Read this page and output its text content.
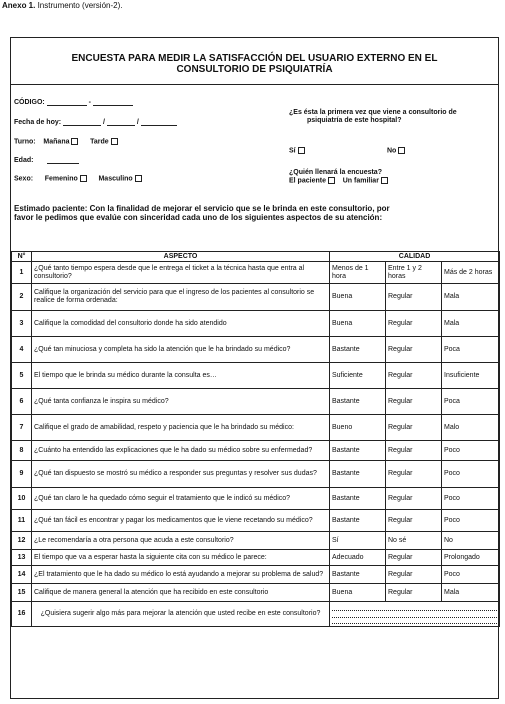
Anexo 1. Instrumento (versión-2).
ENCUESTA PARA MEDIR LA SATISFACCIÓN DEL USUARIO EXTERNO EN EL
CONSULTORIO DE PSIQUIATRÍA
CÓDIGO:	-
Fecha de hoy:	/	/
Turno: Mañana	Tarde
Edad:
Sexo: Femenino	Masculino
¿Es ésta la primera vez que viene a consultorio de
psiquiatría de este hospital?
Sí	No
¿Quién llenará la encuesta?
El paciente Un familiar
Estimado paciente: Con la finalidad de mejorar el servicio que se le brinda en este consultorio, por favor le pedimos que evalúe con sinceridad cada uno de los siguientes aspectos de su atención:
N°	ASPECTO	CALIDAD		
1	¿Qué tanto tiempo espera desde que le entrega el ticket a la técnica hasta que entra al consultorio?	Menos de 1 hora	Entre 1 y 2 horas	Más de 2 horas
2	Califique la organización del servicio para que el ingreso de los pacientes al consultorio se realice de forma ordenada:	Buena	Regular	Mala
3	Califique la comodidad del consultorio donde ha sido atendido	Buena	Regular	Mala
4	¿Qué tan minuciosa y completa ha sido la atención que le ha brindado su médico?	Bastante	Regular	Poca
5	El tiempo que le brinda su médico durante la consulta es…	Suficiente	Regular	Insuficiente
6	¿Qué tanta confianza le inspira su médico?	Bastante	Regular	Poca
7	Califique el grado de amabilidad, respeto y paciencia que le ha brindado su médico:	Bueno	Regular	Malo
8	¿Cuánto ha entendido las explicaciones que le ha dado su médico sobre su enfermedad?	Bastante	Regular	Poco
9	¿Qué tan dispuesto se mostró su médico a responder sus preguntas y resolver sus dudas?	Bastante	Regular	Poco
10	¿Qué tan claro le ha quedado cómo seguir el tratamiento que le indicó su médico?	Bastante	Regular	Poco
11	¿Qué tan fácil es encontrar y pagar los medicamentos que le viene recetando su médico?	Bastante	Regular	Poco
12	¿Le recomendaría a otra persona que acuda a este consultorio?	Sí	No sé	No
13	El tiempo que va a esperar hasta la siguiente cita con su médico le parece:	Adecuado	Regular	Prolongado
14	¿El tratamiento que le ha dado su médico lo está ayudando a mejorar su problema de salud?	Bastante	Regular	Poco
15	Califique de manera general la atención que ha recibido en este consultorio	Buena	Regular	Mala
16	¿Quisiera sugerir algo más para mejorar la atención que usted recibe en este consultorio?			
